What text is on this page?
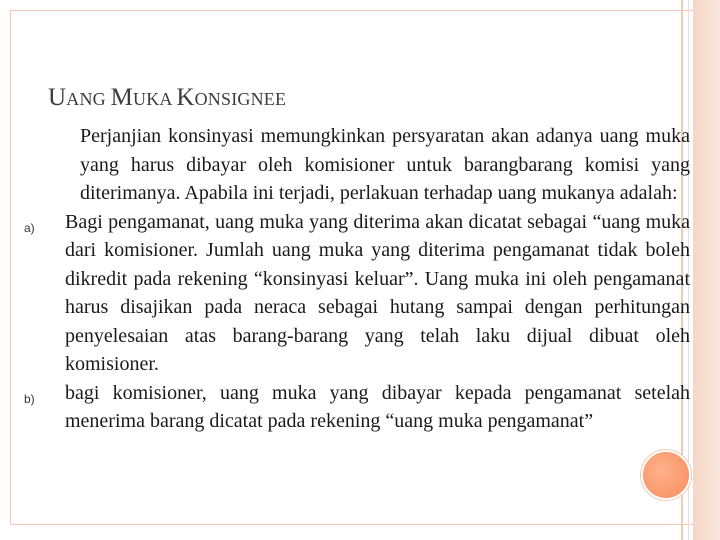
UANG MUKA KONSIGNEE

Perjanjian konsinyasi memungkinkan persyaratan akan adanya uang muka yang harus dibayar oleh komisioner untuk barangbarang komisi yang diterimanya. Apabila ini terjadi, perlakuan terhadap uang mukanya adalah:

a) Bagi pengamanat, uang muka yang diterima akan dicatat sebagai “uang muka dari komisioner. Jumlah uang muka yang diterima pengamanat tidak boleh dikredit pada rekening “konsinyasi keluar”. Uang muka ini oleh pengamanat harus disajikan pada neraca sebagai hutang sampai dengan perhitungan penyelesaian atas barang-barang yang telah laku dijual dibuat oleh komisioner.
b) bagi komisioner, uang muka yang dibayar kepada pengamanat setelah menerima barang dicatat pada rekening “uang muka pengamanat”
